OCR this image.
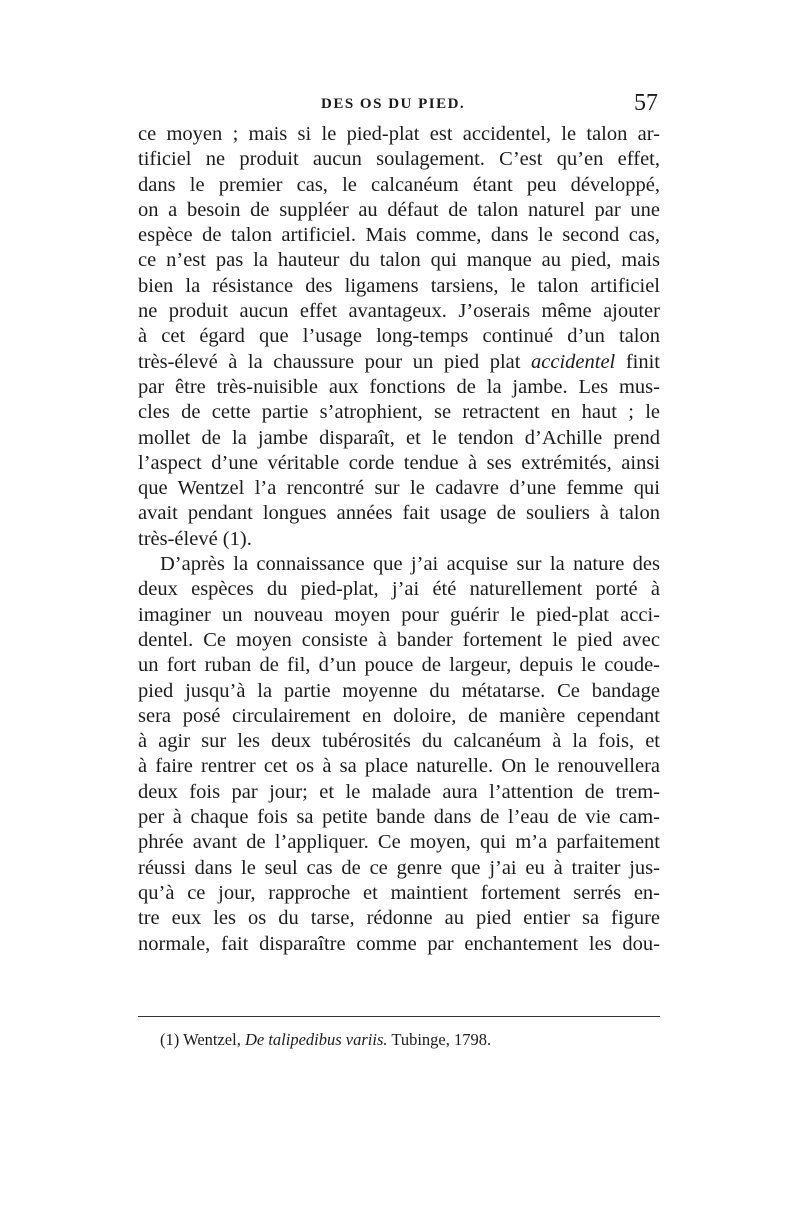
DES OS DU PIED.	57
ce moyen ; mais si le pied-plat est accidentel, le talon ar-
tificiel ne produit aucun soulagement. C’est qu’en effet,
dans le premier cas, le calcanéum étant peu développé,
on a besoin de suppléer au défaut de talon naturel par une
espèce de talon artificiel. Mais comme, dans le second cas,
ce n’est pas la hauteur du talon qui manque au pied, mais
bien la résistance des ligamens tarsiens, le talon artificiel
ne produit aucun effet avantageux. J’oserais même ajouter
à cet égard que l’usage long-temps continué d’un talon
très-élevé à la chaussure pour un pied plat accidentel finit
par être très-nuisible aux fonctions de la jambe. Les mus-
cles de cette partie s’atrophient, se retractent en haut ; le
mollet de la jambe disparaît, et le tendon d’Achille prend
l’aspect d’une véritable corde tendue à ses extrémités, ainsi
que Wentzel l’a rencontré sur le cadavre d’une femme qui
avait pendant longues années fait usage de souliers à talon
très-élevé (1).
D’après la connaissance que j’ai acquise sur la nature des
deux espèces du pied-plat, j’ai été naturellement porté à
imaginer un nouveau moyen pour guérir le pied-plat acci-
dentel. Ce moyen consiste à bander fortement le pied avec
un fort ruban de fil, d’un pouce de largeur, depuis le coude-
pied jusqu’à la partie moyenne du métatarse. Ce bandage
sera posé circulairement en doloire, de manière cependant
à agir sur les deux tubérosités du calcanéum à la fois, et
à faire rentrer cet os à sa place naturelle. On le renouvellera
deux fois par jour; et le malade aura l’attention de trem-
per à chaque fois sa petite bande dans de l’eau de vie cam-
phrée avant de l’appliquer. Ce moyen, qui m’a parfaitement
réussi dans le seul cas de ce genre que j’ai eu à traiter jus-
qu’à ce jour, rapproche et maintient fortement serrés en-
tre eux les os du tarse, rédonne au pied entier sa figure
normale, fait disparaître comme par enchantement les dou-
(1) Wentzel, De talipedibus variis. Tubinge, 1798.
